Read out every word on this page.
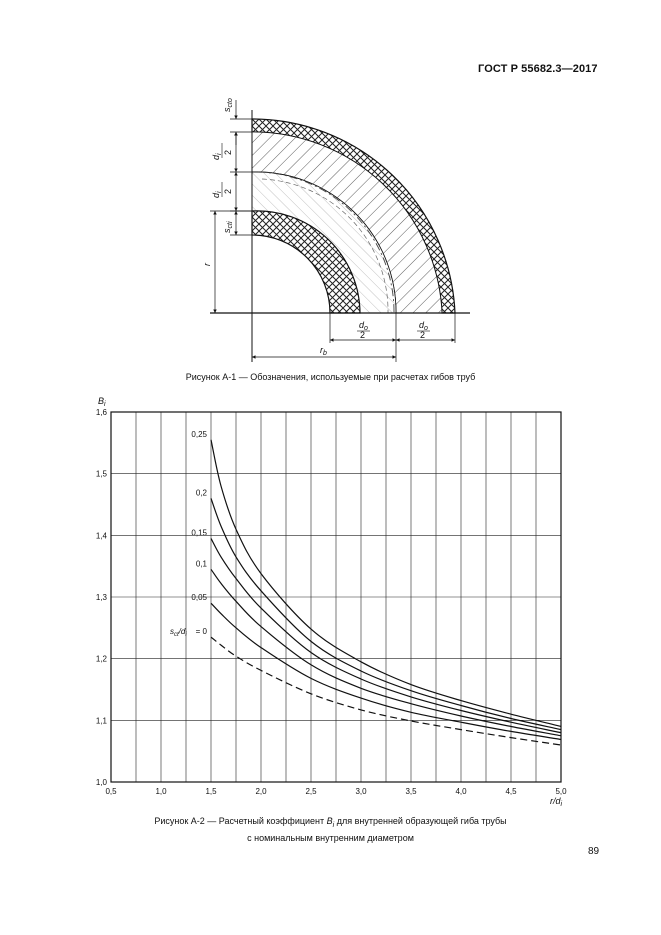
ГОСТ Р 55682.3—2017
$s_{cto}$
$d_i$ 2
$d_i$ 2
$s_{cti}$
r
$d_o$
2
$d_o$
2
$r_b$
Рисунок А-1 — Обозначения, используемые при расчетах гибов труб
0,25
0,2
0,15
0,1
0,05
= 0
0,5	1,0	1,5	2,0	2,5	3,0	3,5	4,0	4,5	5,0
1,0
1,1
1,2
1,3
1,4
1,5
1,6
$B_i$
$r/d_i$
$s_{ct}/d_i$
Рисунок А-2 — Расчетный коэффициент $B_i$ для внутренней образующей гиба трубы
с номинальным внутренним диаметром
89
